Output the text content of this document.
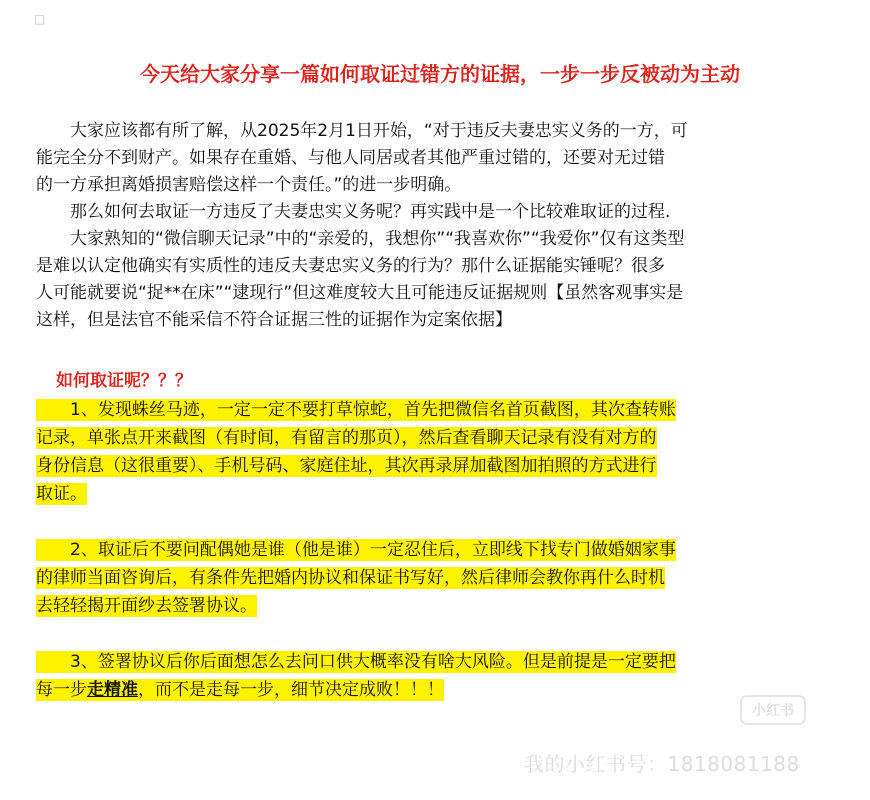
□
今天给大家分享一篇如何取证过错方的证据，一步一步反被动为主动
大家应该都有所了解，从2025年2月1日开始，“对于违反夫妻忠实义务的一方，可
能完全分不到财产。如果存在重婚、与他人同居或者其他严重过错的，还要对无过错
的一方承担离婚损害赔偿这样一个责任。”的进一步明确。
那么如何去取证一方违反了夫妻忠实义务呢？再实践中是一个比较难取证的过程.
大家熟知的“微信聊天记录”中的“亲爱的，我想你”“我喜欢你”“我爱你”仅有这类型
是难以认定他确实有实质性的违反夫妻忠实义务的行为？那什么证据能实锤呢？很多
人可能就要说“捉**在床”“逮现行”但这难度较大且可能违反证据规则【虽然客观事实是
这样，但是法官不能采信不符合证据三性的证据作为定案依据】
如何取证呢？？？
1、发现蛛丝马迹，一定一定不要打草惊蛇，首先把微信名首页截图，其次查转账
记录，单张点开来截图（有时间，有留言的那页），然后查看聊天记录有没有对方的
身份信息（这很重要）、手机号码、家庭住址，其次再录屏加截图加拍照的方式进行
取证。
2、取证后不要问配偶她是谁（他是谁）一定忍住后，立即线下找专门做婚姻家事
的律师当面咨询后，有条件先把婚内协议和保证书写好，然后律师会教你再什么时机
去轻轻揭开面纱去签署协议。
3、签署协议后你后面想怎么去问口供大概率没有啥大风险。但是前提是一定要把
每一步走精准，而不是走每一步，细节决定成败！！！
小红书
我的小红书号：1818081188
